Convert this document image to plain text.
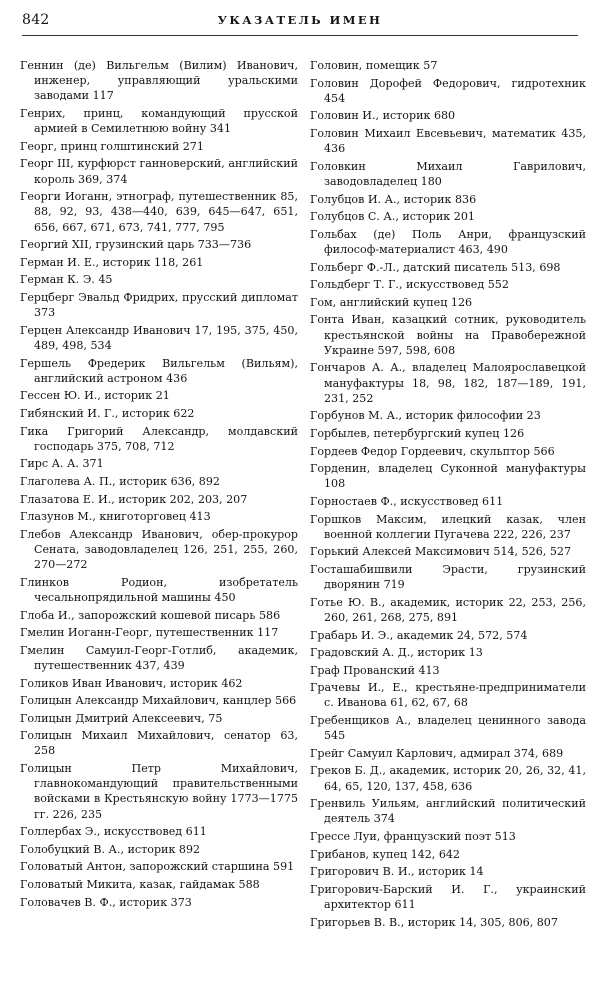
842	УКАЗАТЕЛЬ ИМЕН

Геннин (де) Вильгельм (Вилим) Иванович, инженер, управляющий уральскими заводами 117

Генрих, принц, командующий прусской армией в Семилетнюю войну 341

Георг, принц голштинский 271

Георг III, курфюрст ганноверский, английский король 369, 374

Георги Иоганн, этнограф, путешественник 85, 88, 92, 93, 438—440, 639, 645—647, 651, 656, 667, 671, 673, 741, 777, 795

Георгий XII, грузинский царь 733—736

Герман И. Е., историк 118, 261

Герман К. Э. 45

Герцберг Эвальд Фридрих, прусский дипломат 373

Герцен Александр Иванович 17, 195, 375, 450, 489, 498, 534

Гершель Фредерик Вильгельм (Вильям), английский астроном 436

Гессен Ю. И., историк 21

Гибянский И. Г., историк 622

Гика Григорий Александр, молдавский господарь 375, 708, 712

Гирс А. А. 371

Глаголева А. П., историк 636, 892

Глазатова Е. И., историк 202, 203, 207

Глазунов М., книготорговец 413

Глебов Александр Иванович, обер-прокурор Сената, заводовладелец 126, 251, 255, 260, 270—272

Глинков Родион, изобретатель чесальнопрядильной машины 450

Глоба И., запорожский кошевой писарь 586

Гмелин Иоганн-Георг, путешественник 117

Гмелин Самуил-Георг-Готлиб, академик, путешественник 437, 439

Голиков Иван Иванович, историк 462

Голицын Александр Михайлович, канцлер 566

Голицын Дмитрий Алексеевич, 75

Голицын Михаил Михайлович, сенатор 63, 258

Голицын Петр Михайлович, главнокомандующий правительственными войсками в Крестьянскую войну 1773—1775 гг. 226, 235

Голлербах Э., искусствовед 611

Голобуцкий В. А., историк 892

Головатый Антон, запорожский старшина 591

Головатый Микита, казак, гайдамак 588

Головачев В. Ф., историк 373

Головин, помещик 57

Головин Дорофей Федорович, гидротехник 454

Головин И., историк 680

Головин Михаил Евсевьевич, математик 435, 436

Головкин Михаил Гаврилович, заводовладелец 180

Голубцов И. А., историк 836

Голубцов С. А., историк 201

Гольбах (де) Поль Анри, французский философ-материалист 463, 490

Гольберг Ф.-Л., датский писатель 513, 698

Гольдберг Т. Г., искусствовед 552

Гом, английский купец 126

Гонта Иван, казацкий сотник, руководитель крестьянской войны на Правобережной Украине 597, 598, 608

Гончаров А. А., владелец Малоярославецкой мануфактуры 18, 98, 182, 187—189, 191, 231, 252

Горбунов М. А., историк философии 23

Горбылев, петербургский купец 126

Гордеев Федор Гордеевич, скульптор 566

Горденин, владелец Суконной мануфактуры 108

Горностаев Ф., искусствовед 611

Горшков Максим, илецкий казак, член военной коллегии Пугачева 222, 226, 237

Горький Алексей Максимович 514, 526, 527

Госташабишвили Эрасти, грузинский дворянин 719

Готье Ю. В., академик, историк 22, 253, 256, 260, 261, 268, 275, 891

Грабарь И. Э., академик 24, 572, 574

Градовский А. Д., историк 13

Граф Прованский 413

Грачевы И., Е., крестьяне-предприниматели с. Иванова 61, 62, 67, 68

Гребенщиков А., владелец ценинного завода 545

Грейг Самуил Карлович, адмирал 374, 689

Греков Б. Д., академик, историк 20, 26, 32, 41, 64, 65, 120, 137, 458, 636

Гренвиль Уильям, английский политический деятель 374

Грессе Луи, французский поэт 513

Грибанов, купец 142, 642

Григорович В. И., историк 14

Григорович-Барский И. Г., украинский архитектор 611

Григорьев В. В., историк 14, 305, 806, 807
